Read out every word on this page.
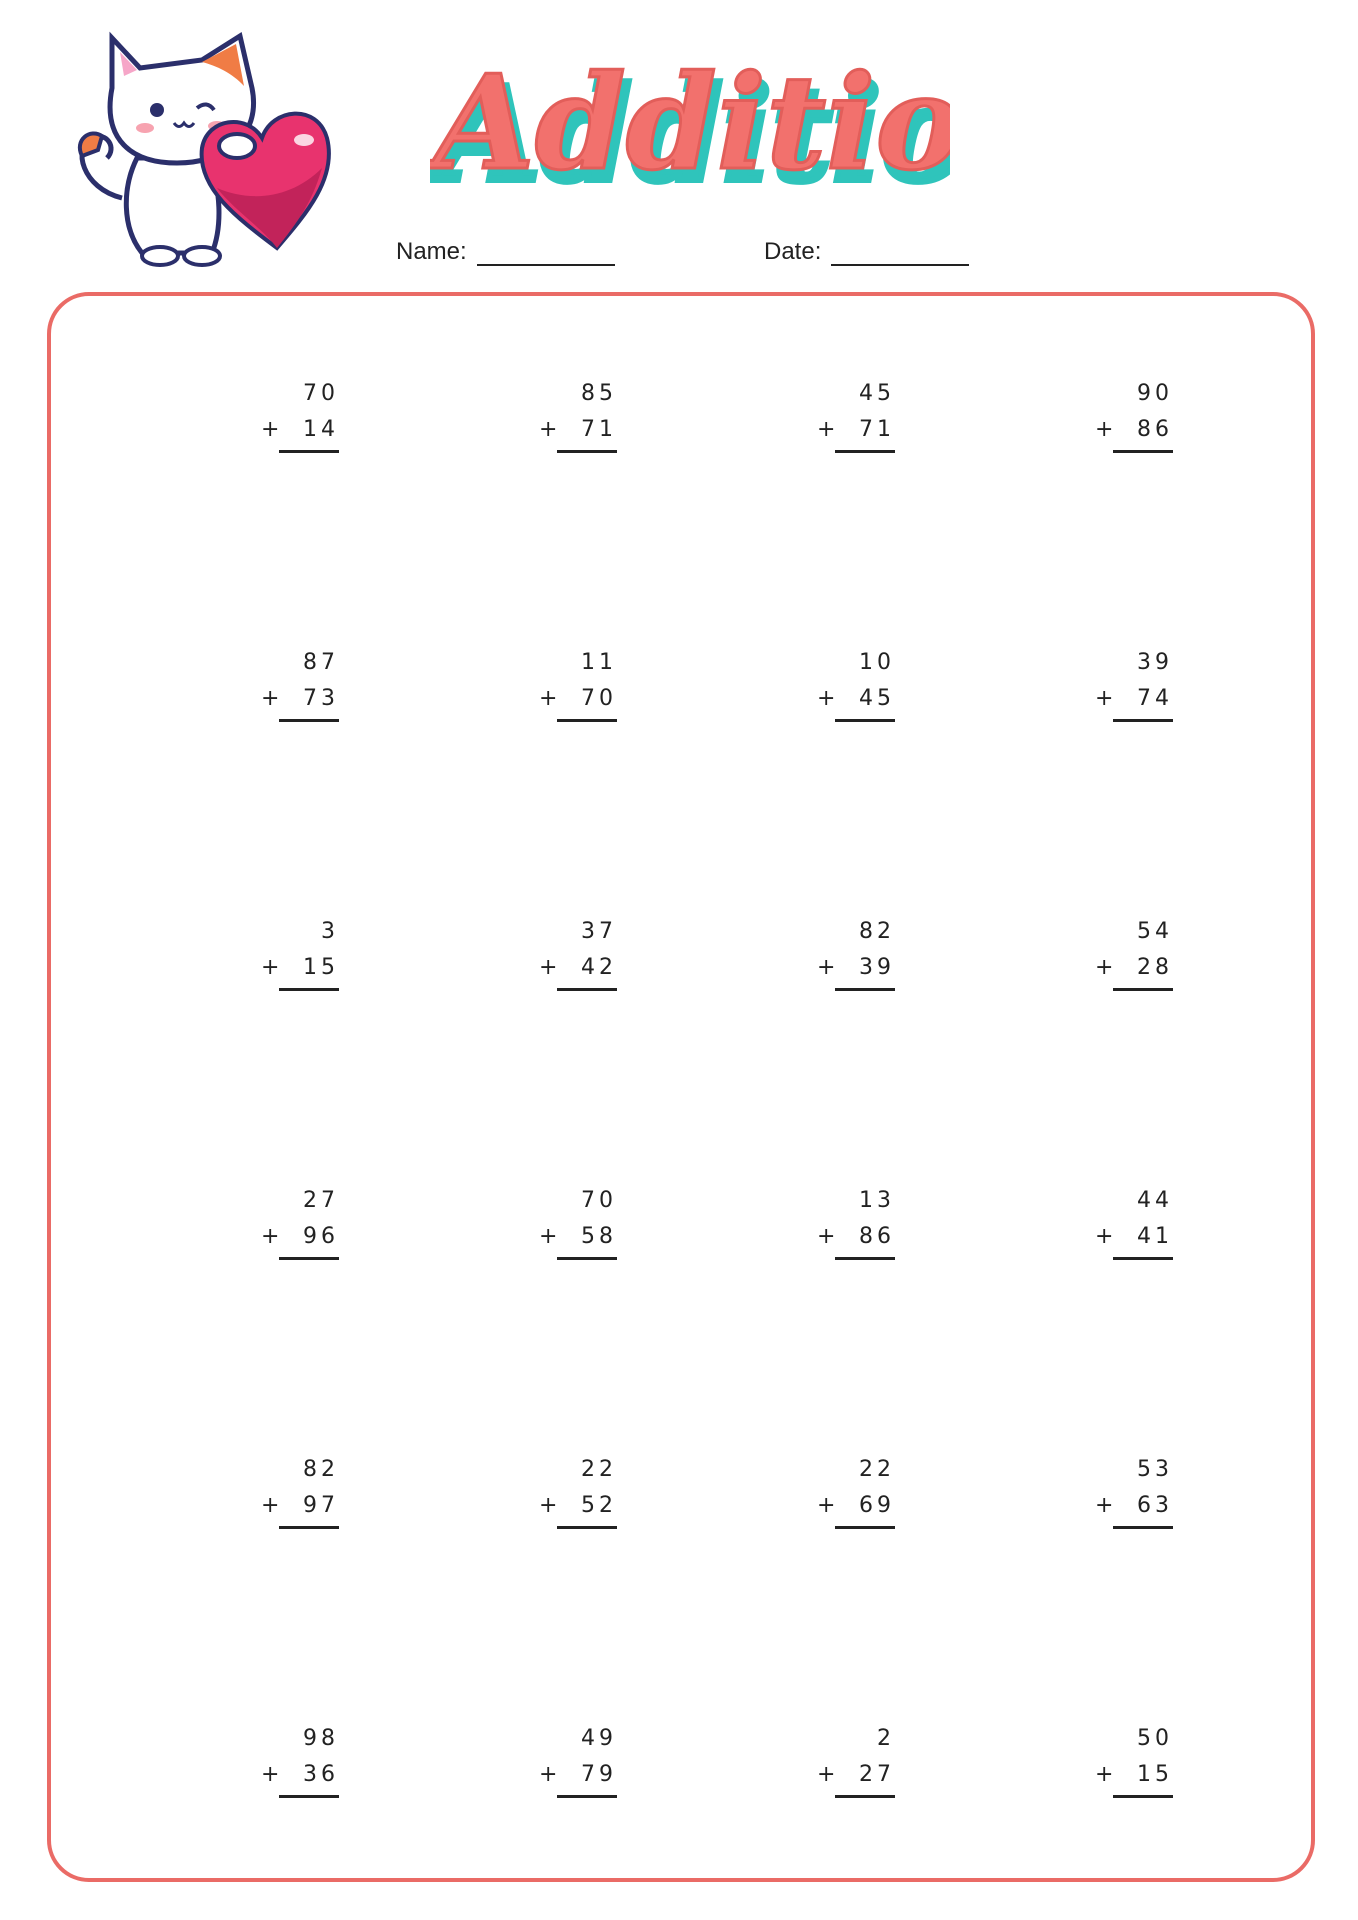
Additi
Additi
Name:	Date:
70
+ 14
85
+ 71
45
+ 71
90
+ 86
87
+ 73
11
+ 70
10
+ 45
39
+ 74
3
+ 15
37
+ 42
82
+ 39
54
+ 28
27
+ 96
70
+ 58
13
+ 86
44
+ 41
82
+ 97
22
+ 52
22
+ 69
53
+ 63
98
+ 36
49
+ 79
2
+ 27
50
+ 15
